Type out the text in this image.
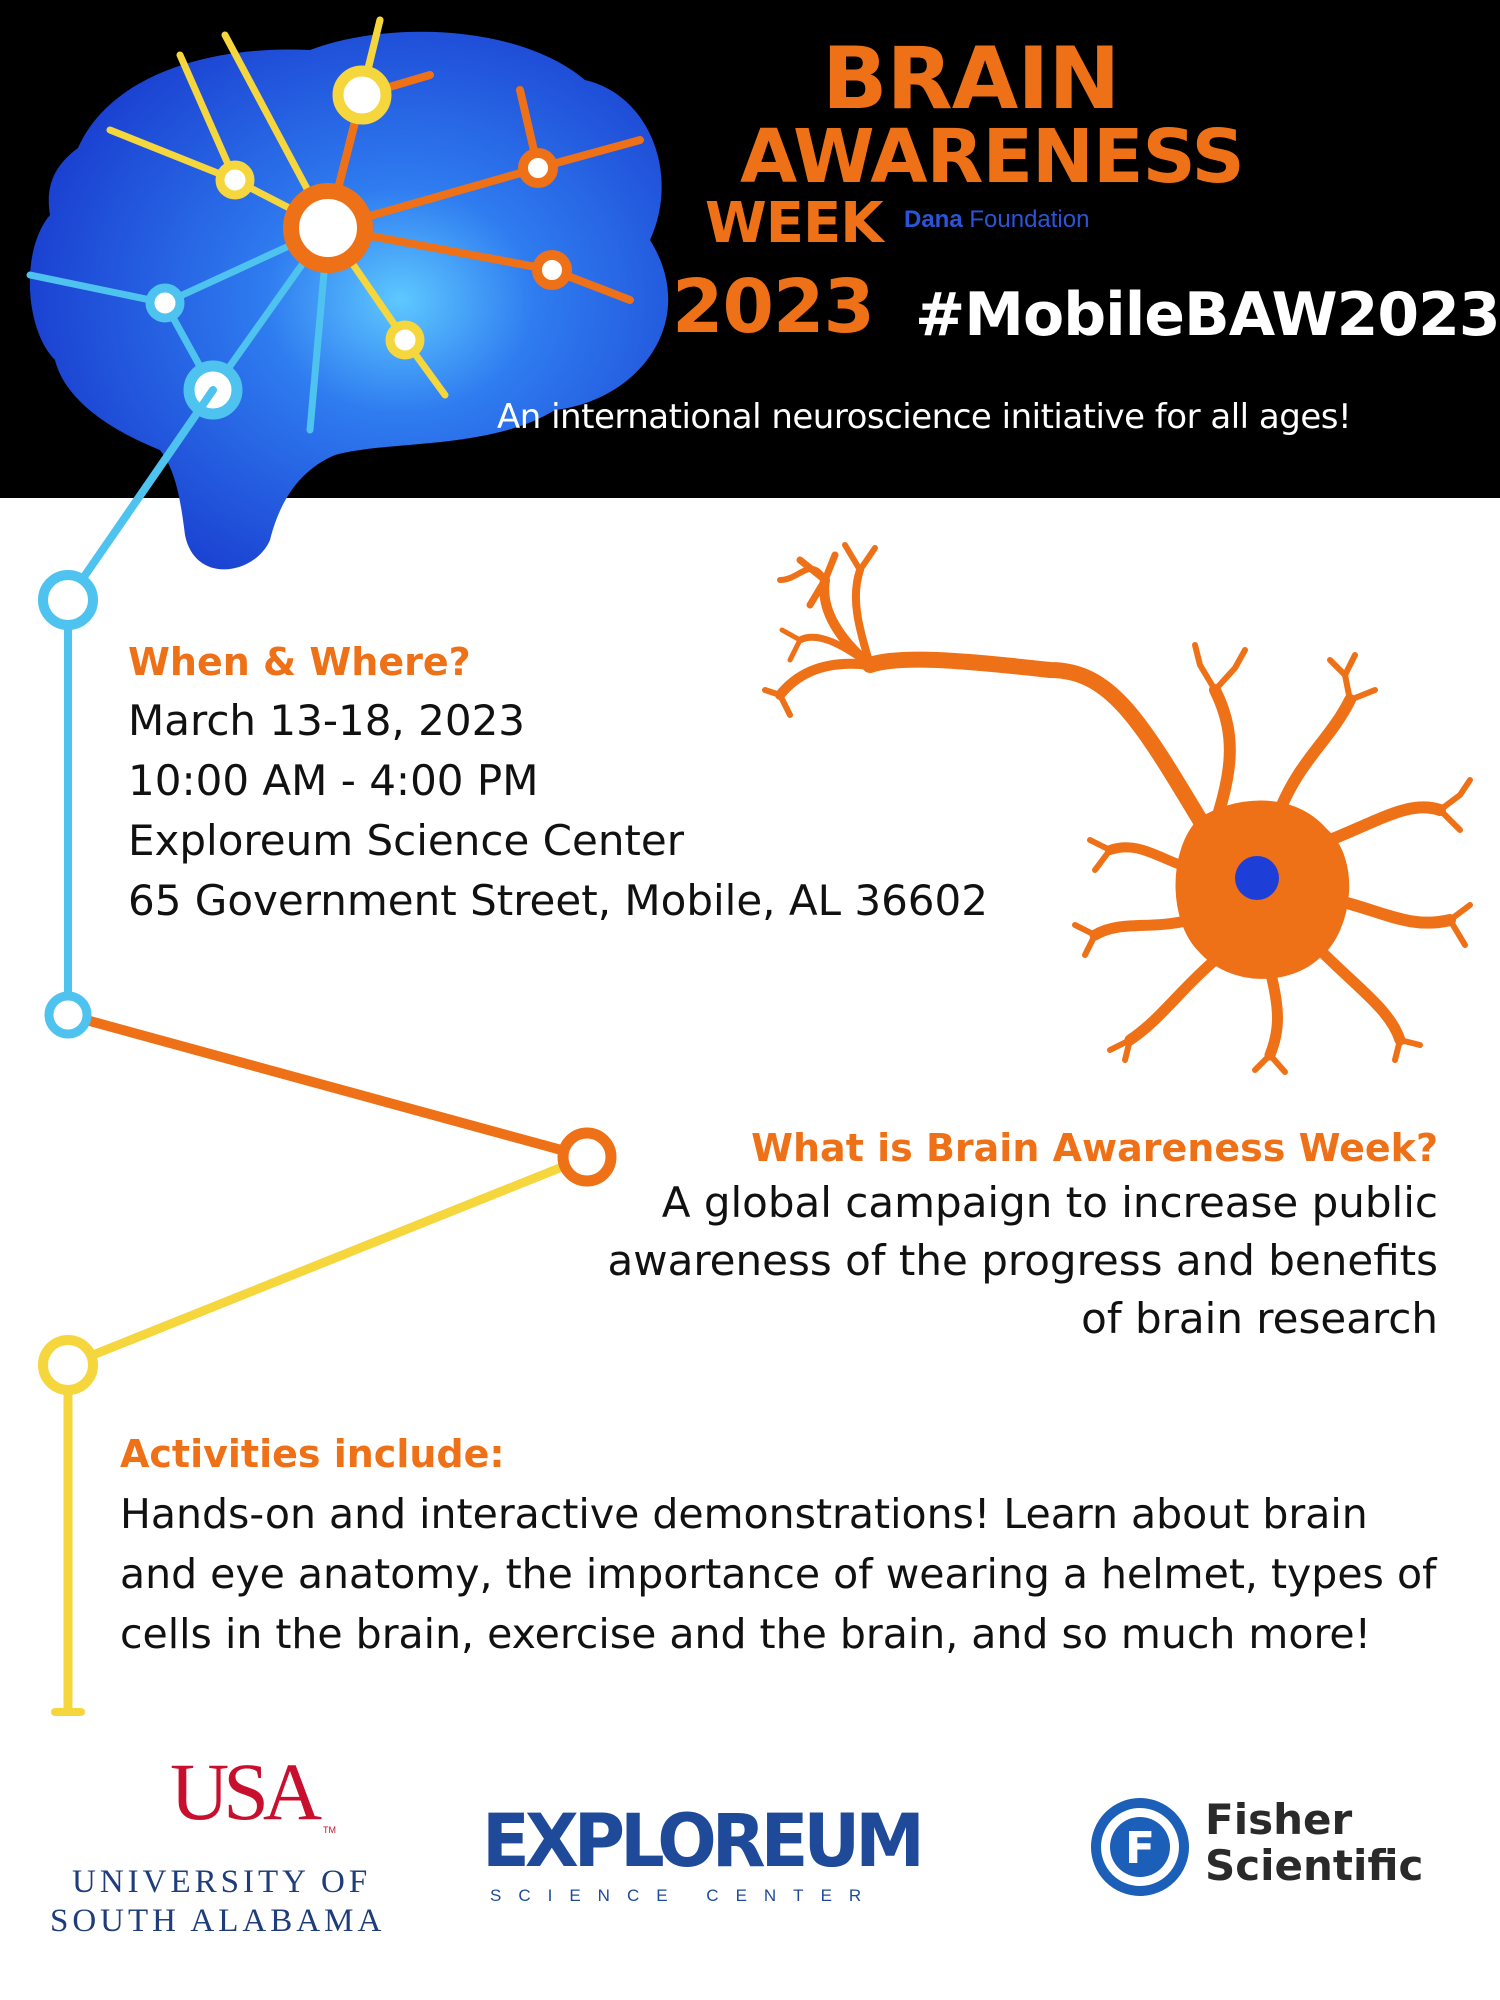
BRAIN
AWARENESS
WEEK Dana Foundation
2023 #MobileBAW2023
An international neuroscience initiative for all ages!
When & Where?
March 13-18, 2023
10:00 AM - 4:00 PM
Exploreum Science Center
65 Government Street, Mobile, AL 36602
What is Brain Awareness Week?
A global campaign to increase public
awareness of the progress and benefits
of brain research
Activities include:
Hands-on and interactive demonstrations! Learn about brain
and eye anatomy, the importance of wearing a helmet, types of
cells in the brain, exercise and the brain, and so much more!
USA TM
UNIVERSITY OF
SOUTH ALABAMA
EXPLOREUM
SCIENCE CENTER
F
Fisher
Scientific
